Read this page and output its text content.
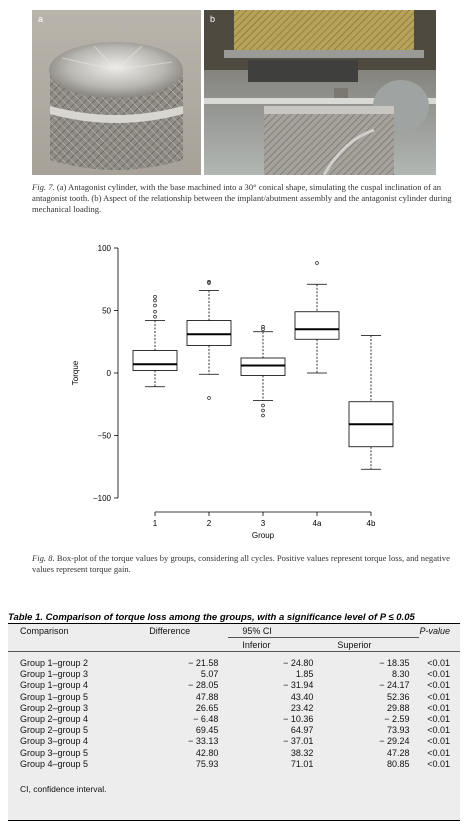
a	b
Fig. 7. (a) Antagonist cylinder, with the base machined into a 30° conical shape, simulating the cuspal inclination of an antagonist tooth. (b) Aspect of the relationship between the implant/abutment assembly and the antagonist cylinder during mechanical loading.
100
50
0
−50
−100
1	2	3	4a	4b
Torque
Group
Fig. 8. Box-plot of the torque values by groups, considering all cycles. Positive values represent torque loss, and negative values represent torque gain.
Table 1. Comparison of torque loss among the groups, with a significance level of P ≤ 0.05
Comparison	Difference	95% CI		P-value
		Inferior	Superior	

Group 1–group 2	− 21.58	− 24.80	− 18.35	<0.01
Group 1–group 3	5.07	1.85	8.30	<0.01
Group 1–group 4	− 28.05	− 31.94	− 24.17	<0.01
Group 1–group 5	47.88	43.40	52.36	<0.01
Group 2–group 3	26.65	23.42	29.88	<0.01
Group 2–group 4	− 6.48	− 10.36	− 2.59	<0.01
Group 2–group 5	69.45	64.97	73.93	<0.01
Group 3–group 4	− 33.13	− 37.01	− 29.24	<0.01
Group 3–group 5	42.80	38.32	47.28	<0.01
Group 4–group 5	75.93	71.01	80.85	<0.01
CI, confidence interval.				
